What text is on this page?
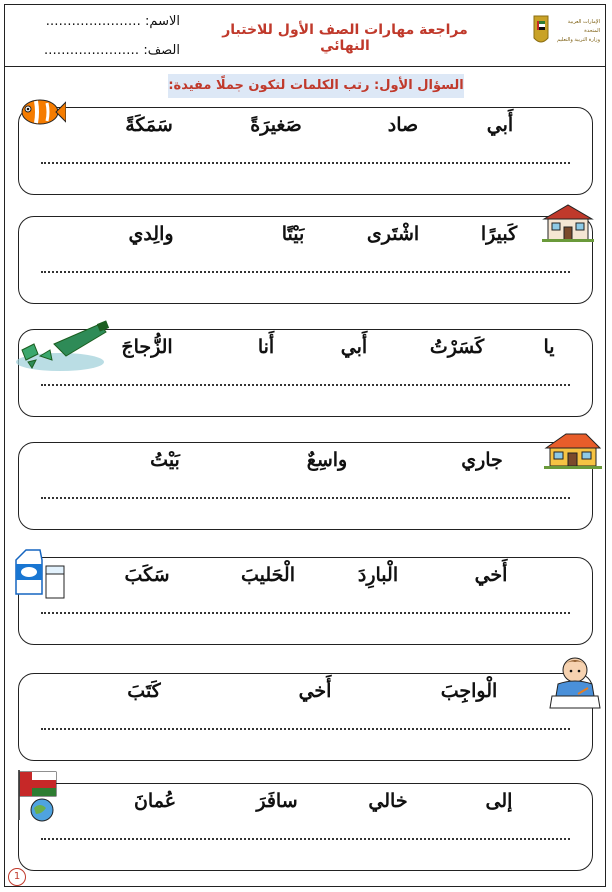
مراجعة مهارات الصف الأول للاختبار النهائي
الاسم: ………………….
الصف: ………………….
الإمارات العربية المتحدة
وزارة التربية والتعليم
السؤال الأول: رتب الكلمات لتكون جملًا مفيدة:
أَبي
صاد
صَغيرَةً
سَمَكَةً
كَبيرًا
اشْتَرى
بَيْتًا
والِدي
يا
كَسَرْتُ
أَبي
أَنا
الزُّجاجَ
جاري
واسِعٌ
بَيْتُ
أَخي
الْبارِدَ
الْحَليبَ
سَكَبَ
الْواجِبَ
أَخي
كَتَبَ
إلى
خالي
سافَرَ
عُمانَ
1
